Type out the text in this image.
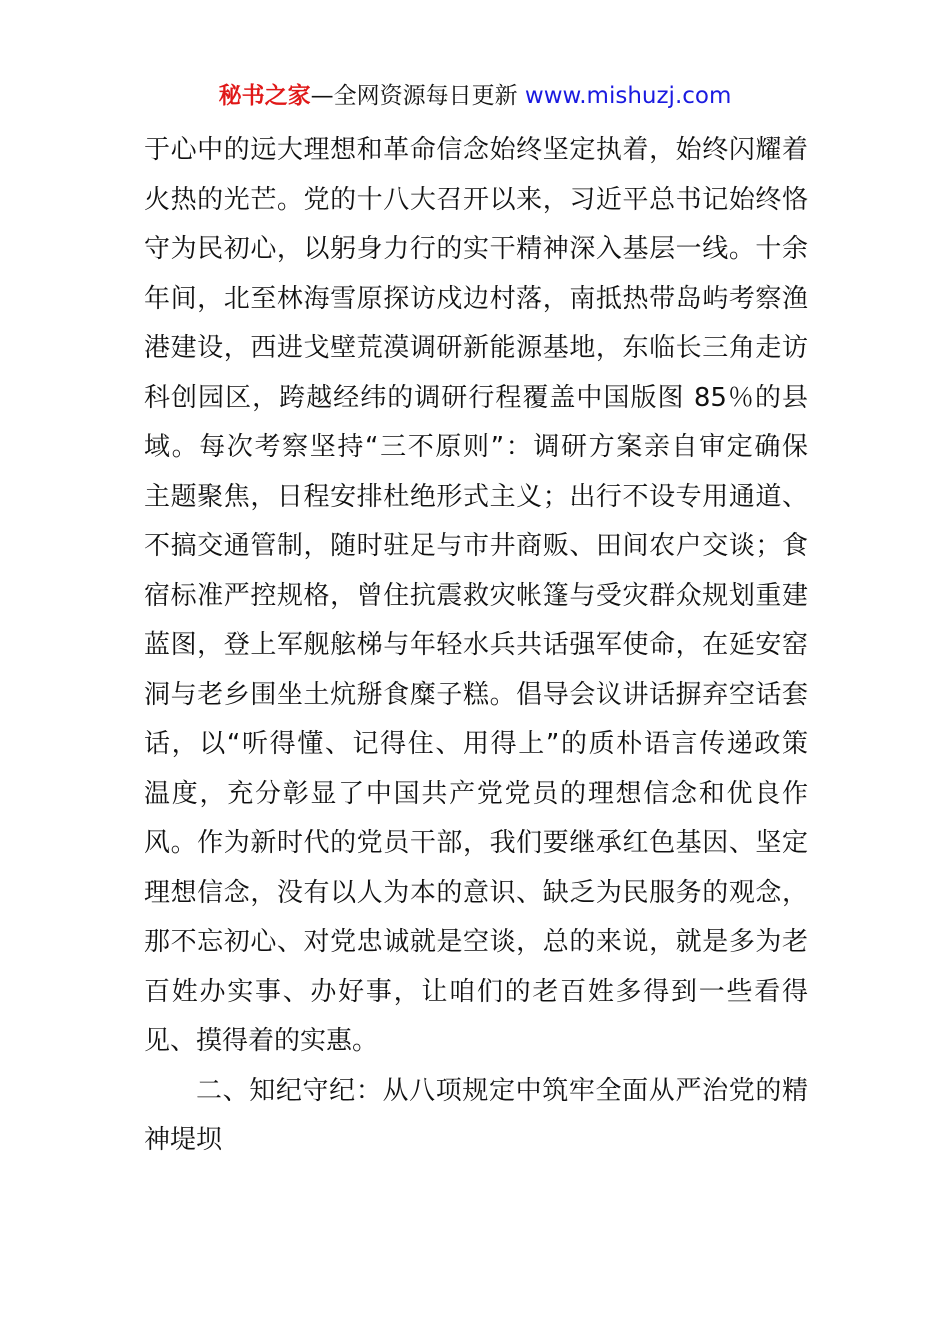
秘书之家—全网资源每日更新 www.mishuzj.com
于心中的远大理想和革命信念始终坚定执着，始终闪耀着
火热的光芒。党的十八大召开以来，习近平总书记始终恪
守为民初心，以躬身力行的实干精神深入基层一线。十余
年间，北至林海雪原探访戍边村落，南抵热带岛屿考察渔
港建设，西进戈壁荒漠调研新能源基地，东临长三角走访
科创园区，跨越经纬的调研行程覆盖中国版图 85％的县
域。每次考察坚持“三不原则”：调研方案亲自审定确保
主题聚焦，日程安排杜绝形式主义；出行不设专用通道、
不搞交通管制，随时驻足与市井商贩、田间农户交谈；食
宿标准严控规格，曾住抗震救灾帐篷与受灾群众规划重建
蓝图，登上军舰舷梯与年轻水兵共话强军使命，在延安窑
洞与老乡围坐土炕掰食糜子糕。倡导会议讲话摒弃空话套
话，以“听得懂、记得住、用得上”的质朴语言传递政策
温度，充分彰显了中国共产党党员的理想信念和优良作
风。作为新时代的党员干部，我们要继承红色基因、坚定
理想信念，没有以人为本的意识、缺乏为民服务的观念，
那不忘初心、对党忠诚就是空谈，总的来说，就是多为老
百姓办实事、办好事，让咱们的老百姓多得到一些看得
见、摸得着的实惠。
二、知纪守纪：从八项规定中筑牢全面从严治党的精
神堤坝
